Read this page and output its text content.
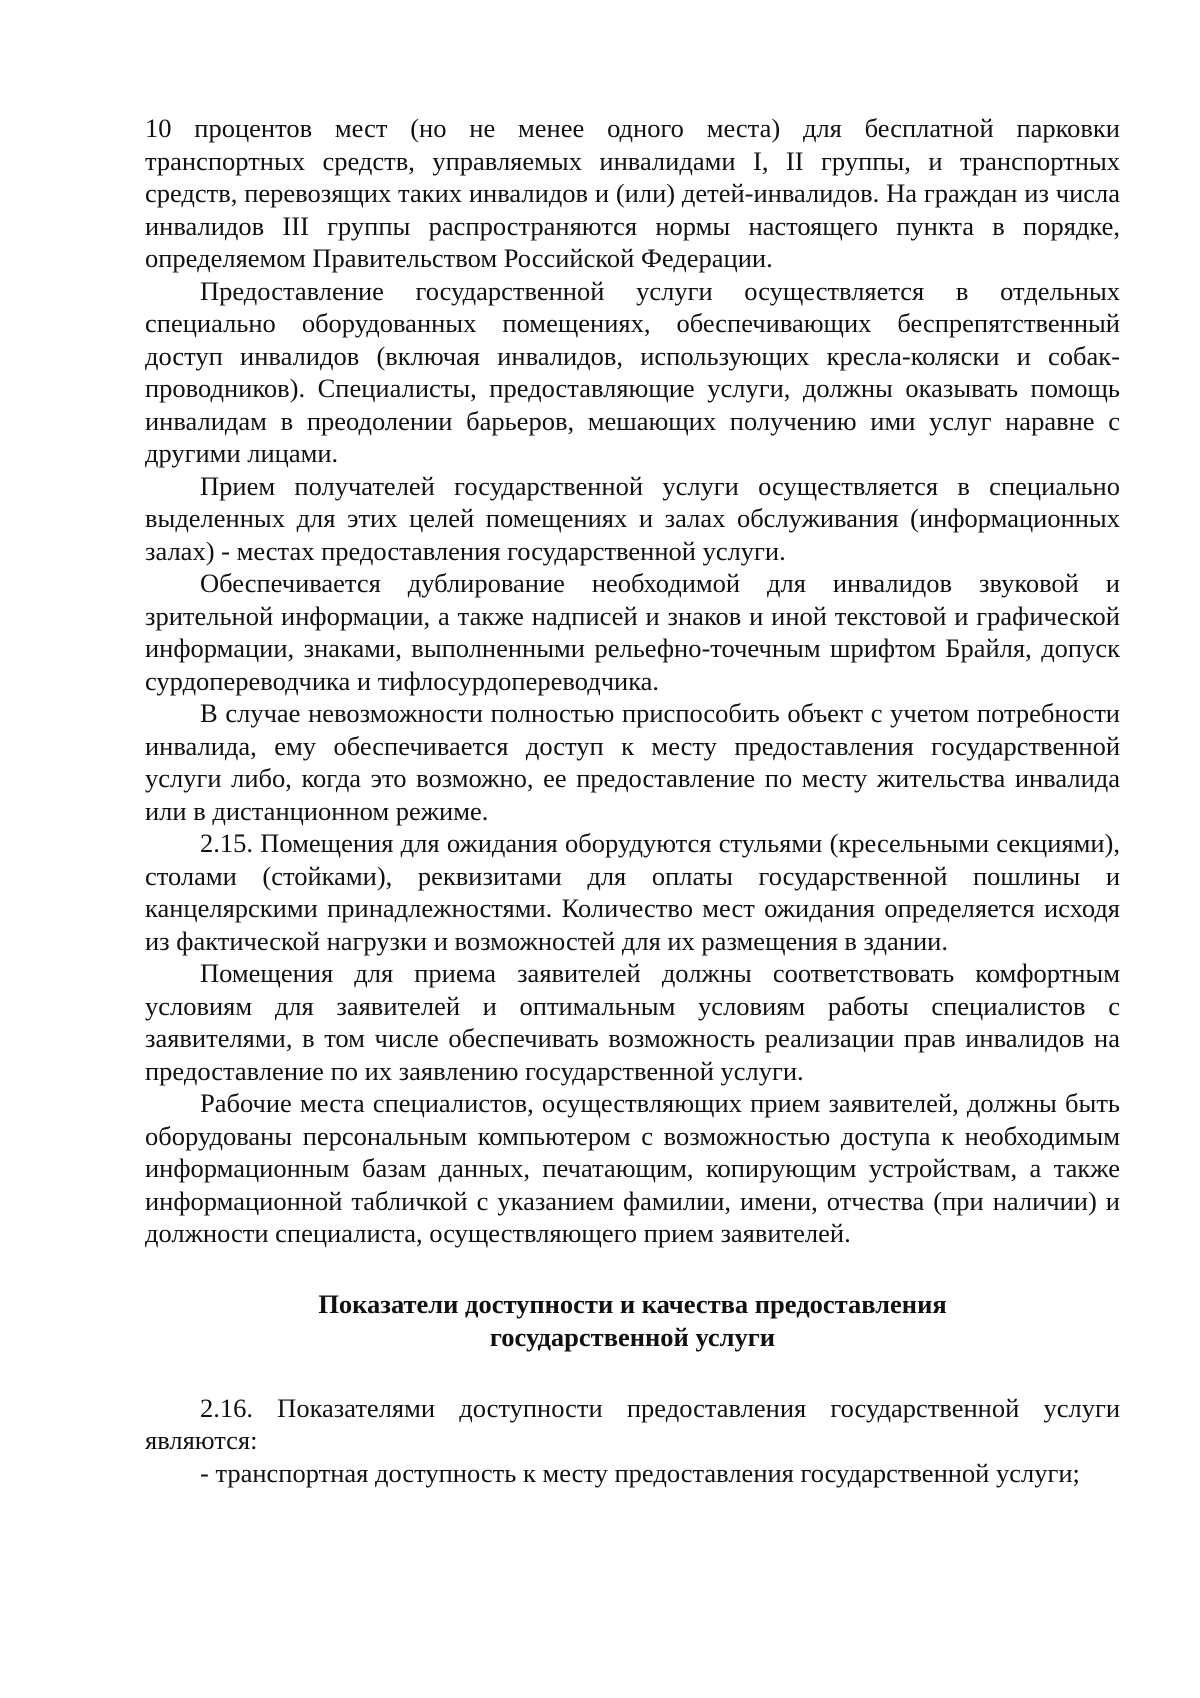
10 процентов мест (но не менее одного места) для бесплатной парковки транспортных средств, управляемых инвалидами I, II группы, и транспортных средств, перевозящих таких инвалидов и (или) детей-инвалидов. На граждан из числа инвалидов III группы распространяются нормы настоящего пункта в порядке, определяемом Правительством Российской Федерации.

Предоставление государственной услуги осуществляется в отдельных специально оборудованных помещениях, обеспечивающих беспрепятственный доступ инвалидов (включая инвалидов, использующих кресла-коляски и собак-проводников). Специалисты, предоставляющие услуги, должны оказывать помощь инвалидам в преодолении барьеров, мешающих получению ими услуг наравне с другими лицами.

Прием получателей государственной услуги осуществляется в специально выделенных для этих целей помещениях и залах обслуживания (информационных залах) - местах предоставления государственной услуги.

Обеспечивается дублирование необходимой для инвалидов звуковой и зрительной информации, а также надписей и знаков и иной текстовой и графической информации, знаками, выполненными рельефно-точечным шрифтом Брайля, допуск сурдопереводчика и тифлосурдопереводчика.

В случае невозможности полностью приспособить объект с учетом потребности инвалида, ему обеспечивается доступ к месту предоставления государственной услуги либо, когда это возможно, ее предоставление по месту жительства инвалида или в дистанционном режиме.

2.15. Помещения для ожидания оборудуются стульями (кресельными секциями), столами (стойками), реквизитами для оплаты государственной пошлины и канцелярскими принадлежностями. Количество мест ожидания определяется исходя из фактической нагрузки и возможностей для их размещения в здании.

Помещения для приема заявителей должны соответствовать комфортным условиям для заявителей и оптимальным условиям работы специалистов с заявителями, в том числе обеспечивать возможность реализации прав инвалидов на предоставление по их заявлению государственной услуги.

Рабочие места специалистов, осуществляющих прием заявителей, должны быть оборудованы персональным компьютером с возможностью доступа к необходимым информационным базам данных, печатающим, копирующим устройствам, а также информационной табличкой с указанием фамилии, имени, отчества (при наличии) и должности специалиста, осуществляющего прием заявителей.

Показатели доступности и качества предоставления
государственной услуги

2.16. Показателями доступности предоставления государственной услуги являются:

- транспортная доступность к месту предоставления государственной услуги;
